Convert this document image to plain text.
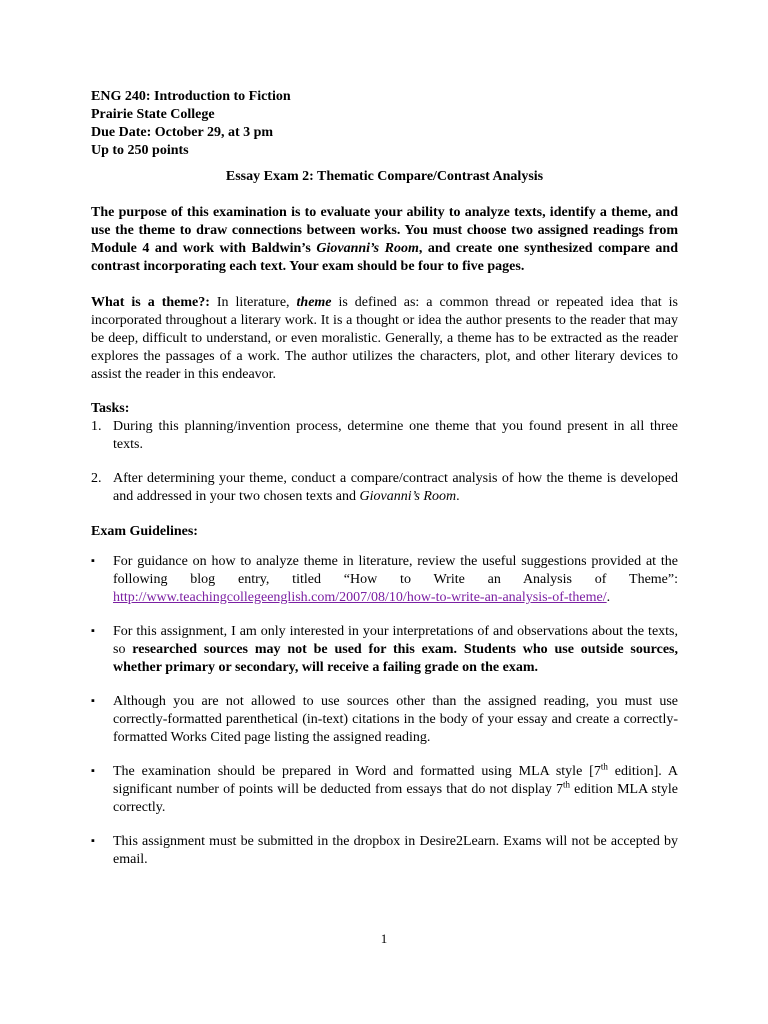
ENG 240: Introduction to Fiction
Prairie State College
Due Date: October 29, at 3 pm
Up to 250 points
Essay Exam 2: Thematic Compare/Contrast Analysis
The purpose of this examination is to evaluate your ability to analyze texts, identify a theme, and use the theme to draw connections between works. You must choose two assigned readings from Module 4 and work with Baldwin’s Giovanni’s Room, and create one synthesized compare and contrast incorporating each text. Your exam should be four to five pages.
What is a theme?: In literature, theme is defined as: a common thread or repeated idea that is incorporated throughout a literary work. It is a thought or idea the author presents to the reader that may be deep, difficult to understand, or even moralistic. Generally, a theme has to be extracted as the reader explores the passages of a work. The author utilizes the characters, plot, and other literary devices to assist the reader in this endeavor.
Tasks:
1. During this planning/invention process, determine one theme that you found present in all three texts.
2. After determining your theme, conduct a compare/contract analysis of how the theme is developed and addressed in your two chosen texts and Giovanni’s Room.
Exam Guidelines:
▪ For guidance on how to analyze theme in literature, review the useful suggestions provided at the following blog entry, titled “How to Write an Analysis of Theme”: http://www.teachingcollegeenglish.com/2007/08/10/how-to-write-an-analysis-of-theme/.
▪ For this assignment, I am only interested in your interpretations of and observations about the texts, so researched sources may not be used for this exam. Students who use outside sources, whether primary or secondary, will receive a failing grade on the exam.
▪ Although you are not allowed to use sources other than the assigned reading, you must use correctly-formatted parenthetical (in-text) citations in the body of your essay and create a correctly-formatted Works Cited page listing the assigned reading.
▪ The examination should be prepared in Word and formatted using MLA style [7th edition]. A significant number of points will be deducted from essays that do not display 7th edition MLA style correctly.
▪ This assignment must be submitted in the dropbox in Desire2Learn. Exams will not be accepted by email.
1
